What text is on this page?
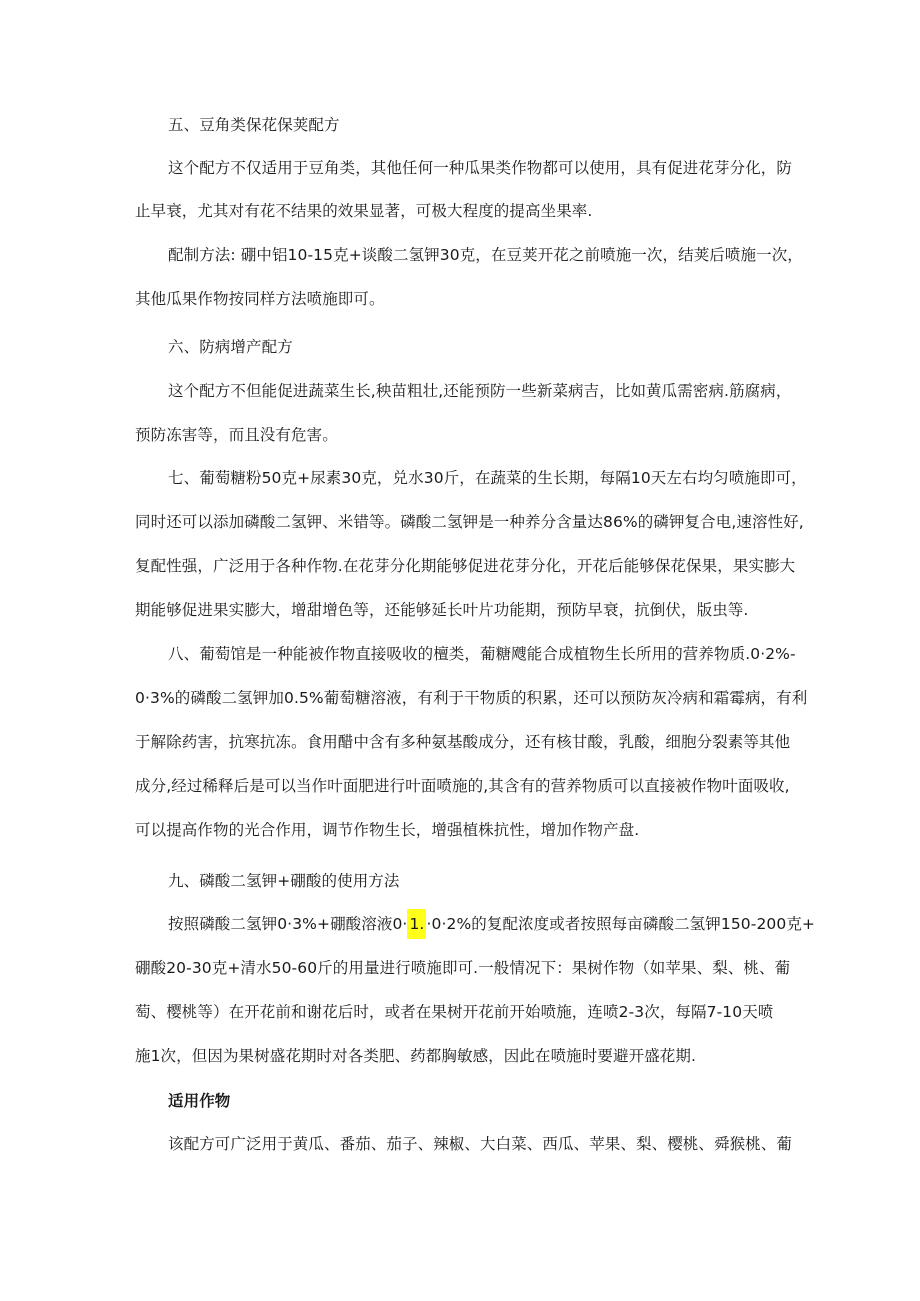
五、豆角类保花保荚配方
这个配方不仅适用于豆角类，其他任何一种瓜果类作物都可以使用，具有促进花芽分化，防
止早衰，尤其对有花不结果的效果显著，可极大程度的提高坐果率.
配制方法: 硼中铝10-15克+谈酸二氢钾30克，在豆荚开花之前喷施一次，结荚后喷施一次，
其他瓜果作物按同样方法喷施即可。
六、防病增产配方
这个配方不但能促进蔬菜生长,秧苗粗壮,还能预防一些新菜病吉，比如黄瓜需密病.筋腐病，
预防冻害等，而且没有危害。
七、葡萄糖粉50克+尿素30克，兑水30斤，在蔬菜的生长期，每隔10天左右均匀喷施即可，
同时还可以添加磷酸二氢钾、米错等。磷酸二氢钾是一种养分含量达86%的磷钾复合电,速溶性好,
复配性强，广泛用于各种作物.在花芽分化期能够促进花芽分化，开花后能够保花保果，果实膨大
期能够促进果实膨大，增甜增色等，还能够延长叶片功能期，预防早衰，抗倒伏，版虫等.
八、葡萄馆是一种能被作物直接吸收的檀类，葡糖飕能合成植物生长所用的营养物质.0·2%-
0·3%的磷酸二氢钾加0.5%葡萄糖溶液，有利于干物质的积累，还可以预防灰冷病和霜霉病，有利
于解除药害，抗寒抗冻。食用醋中含有多种氨基酸成分，还有核甘酸，乳酸，细胞分裂素等其他
成分,经过稀释后是可以当作叶面肥进行叶面喷施的,其含有的营养物质可以直接被作物叶面吸收,
可以提高作物的光合作用，调节作物生长，增强植株抗性，增加作物产盘.
九、磷酸二氢钾+硼酸的使用方法
按照磷酸二氢钾0·3%+硼酸溶液0· 1. ·0·2%的复配浓度或者按照每亩磷酸二氢钾150-200克+
硼酸20-30克+清水50-60斤的用量进行喷施即可.一般情况下：果树作物（如苹果、梨、桃、葡
萄、樱桃等）在开花前和谢花后时，或者在果树开花前开始喷施，连喷2-3次，每隔7-10天喷
施1次，但因为果树盛花期时对各类肥、药都胸敏感，因此在喷施时要避开盛花期.
适用作物
该配方可广泛用于黄瓜、番茄、茄子、辣椒、大白菜、西瓜、苹果、梨、樱桃、舜猴桃、葡
